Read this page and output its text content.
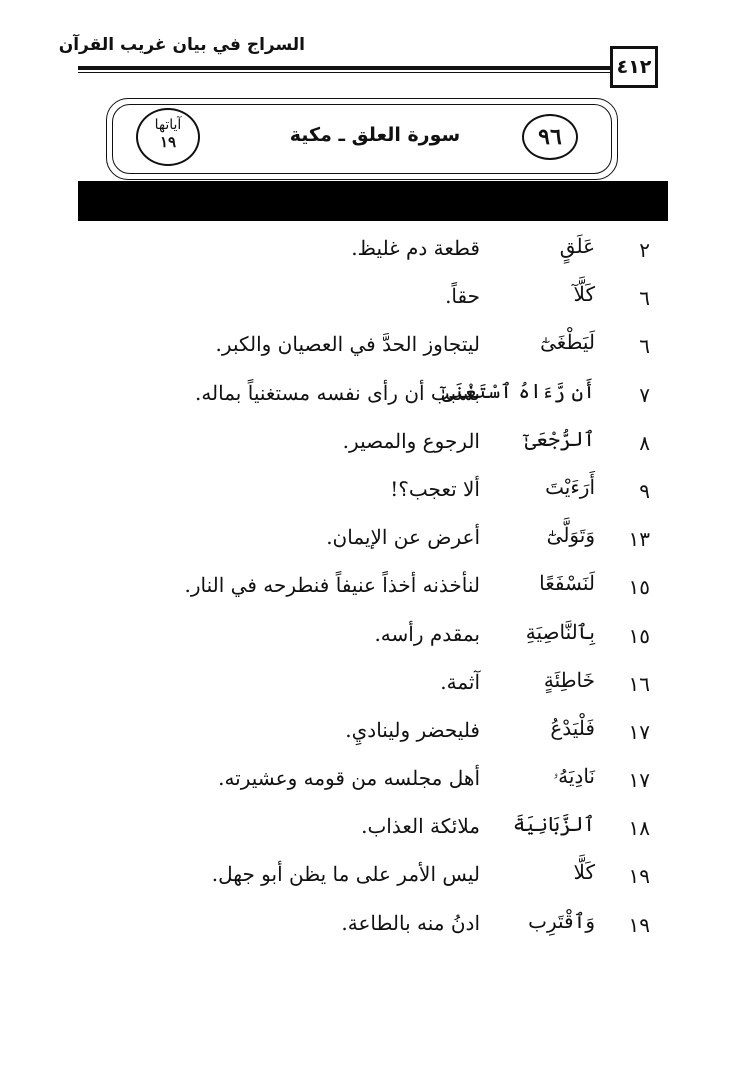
السراج في بيان غريب القرآن
٤١٢
٩٦
سورة العلق ـ مكية
آياتها
١٩
٢
عَلَقٍ
قطعة دم غليظ.
٦
كَلَّآ
حقاً.
٦
لَيَطْغَىٰٓ
ليتجاوز الحدَّ في العصيان والكبر.
٧
أَن رَّءَاهُ ٱسْتَغْنَىٰٓ
بسبب أن رأى نفسه مستغنياً بماله.
٨
ٱلرُّجْعَىٰٓ
الرجوع والمصير.
٩
أَرَءَيْتَ
ألا تعجب؟!
١٣
وَتَوَلَّىٰٓ
أعرض عن الإيمان.
١٥
لَنَسْفَعًا
لنأخذنه أخذاً عنيفاً فنطرحه في النار.
١٥
بِٱلنَّاصِيَةِ
بمقدم رأسه.
١٦
خَاطِئَةٍ
آثمة.
١٧
فَلْيَدْعُ
فليحضر وليناديِ.
١٧
نَادِيَهُۥ
أهل مجلسه من قومه وعشيرته.
١٨
ٱلزَّبَانِيَةَ
ملائكة العذاب.
١٩
كَلَّا
ليس الأمر على ما يظن أبو جهل.
١٩
وَٱقْتَرِب
ادنُ منه بالطاعة.
